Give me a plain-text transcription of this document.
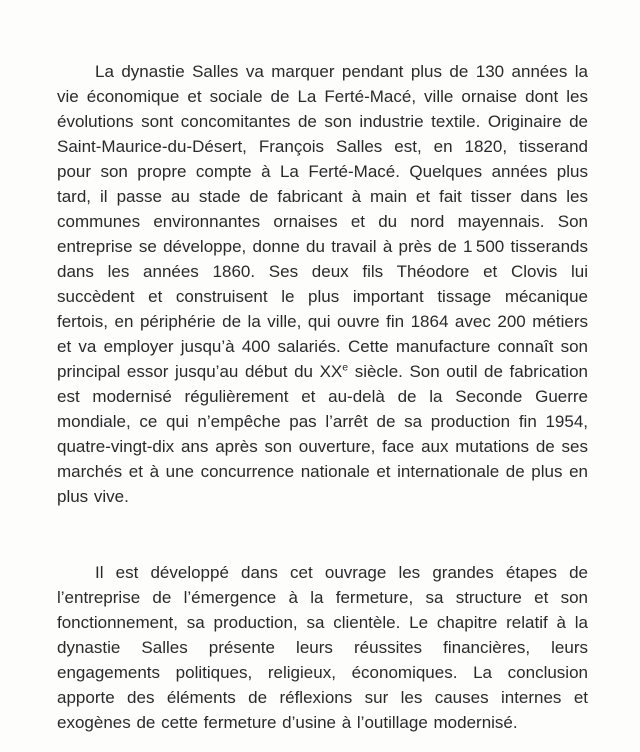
La dynastie Salles va marquer pendant plus de 130 années la vie économique et sociale de La Ferté-Macé, ville ornaise dont les évolutions sont concomitantes de son industrie textile. Originaire de Saint-Maurice-du-Désert, François Salles est, en 1820, tisserand pour son propre compte à La Ferté-Macé. Quelques années plus tard, il passe au stade de fabricant à main et fait tisser dans les communes environnantes ornaises et du nord mayennais. Son entreprise se développe, donne du travail à près de 1 500 tisserands dans les années 1860. Ses deux fils Théodore et Clovis lui succèdent et construisent le plus important tissage mécanique fertois, en périphérie de la ville, qui ouvre fin 1864 avec 200 métiers et va employer jusqu’à 400 salariés. Cette manufacture connaît son principal essor jusqu’au début du XXe siècle. Son outil de fabrication est modernisé régulièrement et au-delà de la Seconde Guerre mondiale, ce qui n’empêche pas l’arrêt de sa production fin 1954, quatre-vingt-dix ans après son ouverture, face aux mutations de ses marchés et à une concurrence nationale et internationale de plus en plus vive.

Il est développé dans cet ouvrage les grandes étapes de l’entreprise de l’émergence à la fermeture, sa structure et son fonctionnement, sa production, sa clientèle. Le chapitre relatif à la dynastie Salles présente leurs réussites financières, leurs engagements politiques, religieux, économiques. La conclusion apporte des éléments de réflexions sur les causes internes et exogènes de cette fermeture d’usine à l’outillage modernisé.
